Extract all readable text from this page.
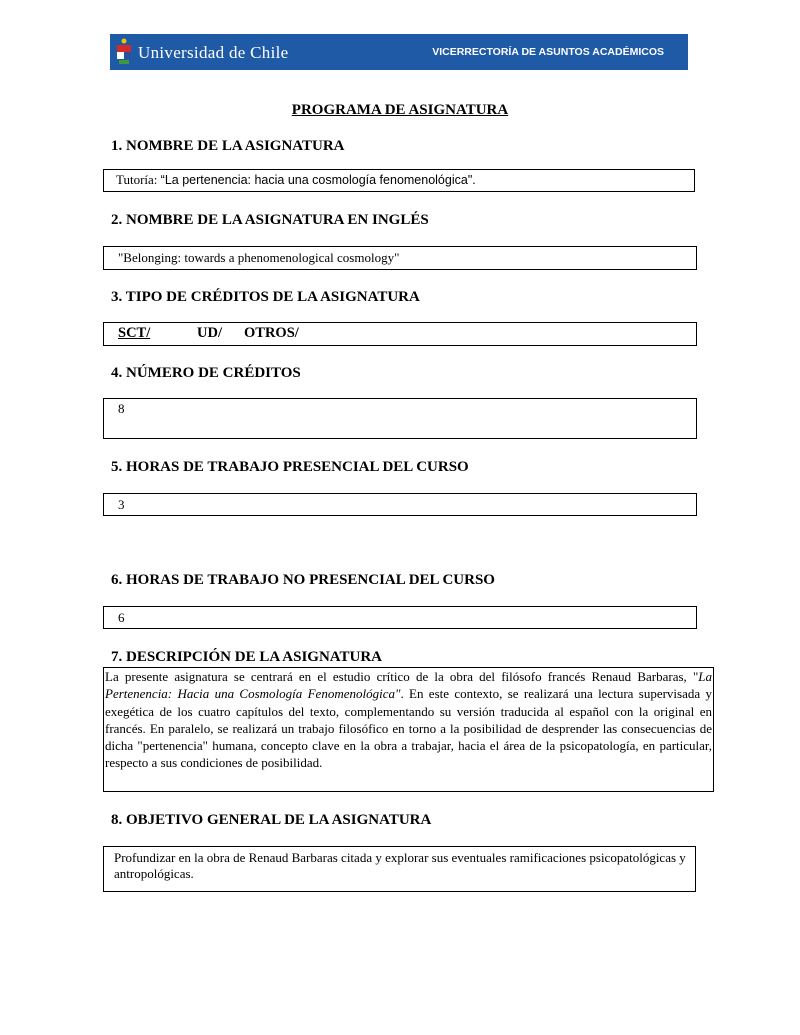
Universidad de Chile	VICERRECTORÍA DE ASUNTOS ACADÉMICOS
PROGRAMA DE ASIGNATURA
1. NOMBRE DE LA ASIGNATURA
Tutoría: “La pertenencia: hacia una cosmología fenomenológica".
2. NOMBRE DE LA ASIGNATURA EN INGLÉS
"Belonging: towards a phenomenological cosmology"
3. TIPO DE CRÉDITOS DE LA ASIGNATURA
SCT/	UD/ OTROS/
4. NÚMERO DE CRÉDITOS
8
5. HORAS DE TRABAJO PRESENCIAL DEL CURSO
3
6. HORAS DE TRABAJO NO PRESENCIAL DEL CURSO
6
7. DESCRIPCIÓN DE LA ASIGNATURA
La presente asignatura se centrará en el estudio crítico de la obra del filósofo francés Renaud Barbaras, "La Pertenencia: Hacia una Cosmología Fenomenológica". En este contexto, se realizará una lectura supervisada y exegética de los cuatro capítulos del texto, complementando su versión traducida al español con la original en francés. En paralelo, se realizará un trabajo filosófico en torno a la posibilidad de desprender las consecuencias de dicha "pertenencia" humana, concepto clave en la obra a trabajar, hacia el área de la psicopatología, en particular, respecto a sus condiciones de posibilidad.
8. OBJETIVO GENERAL DE LA ASIGNATURA
Profundizar en la obra de Renaud Barbaras citada y explorar sus eventuales ramificaciones psicopatológicas y antropológicas.
